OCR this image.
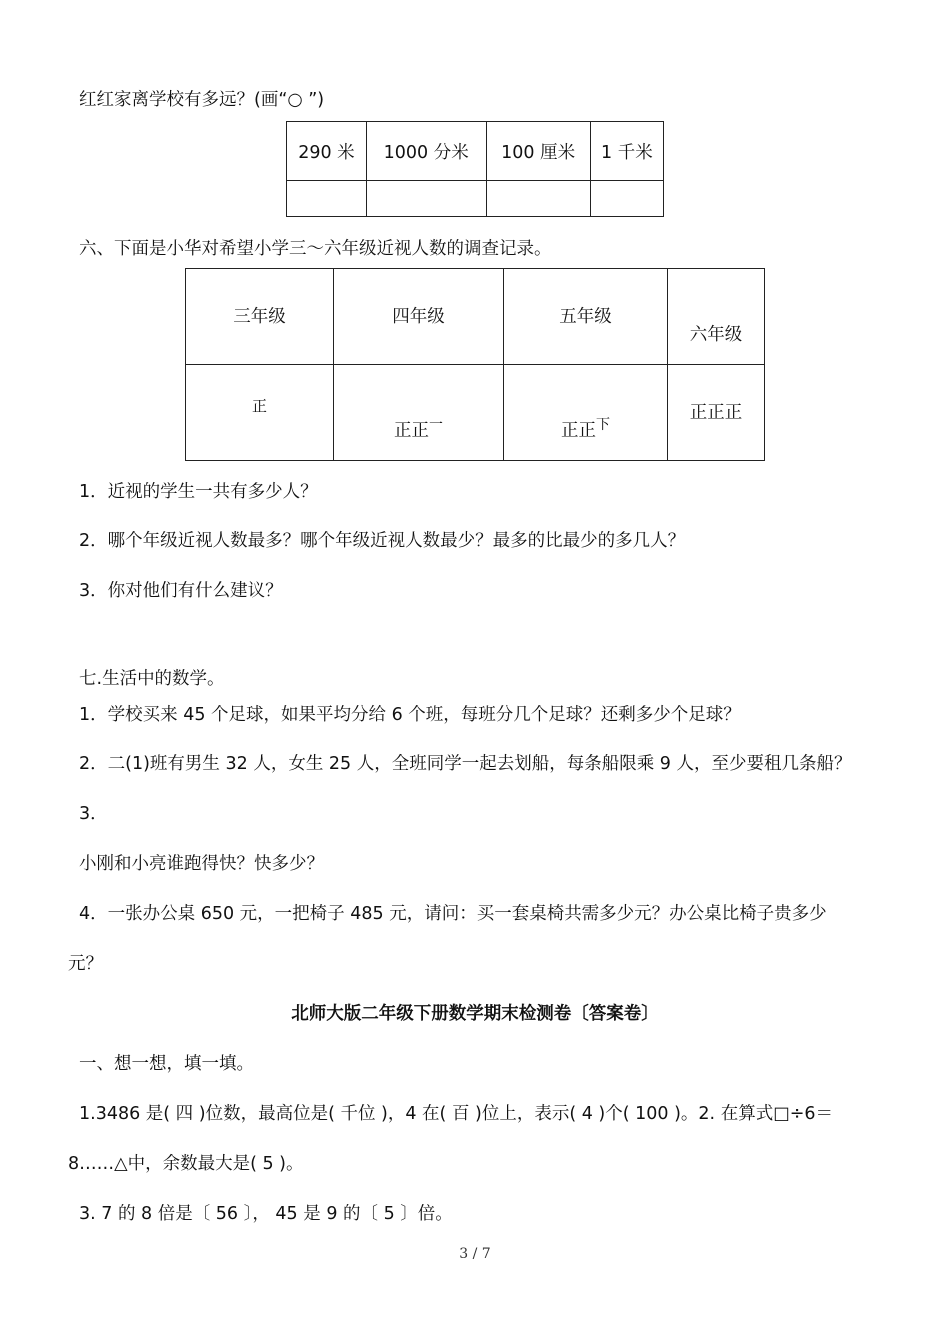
红红家离学校有多远？(画“○ ”)
290 米	1000 分米	100 厘米	1 千米

六、下面是小华对希望小学三～六年级近视人数的调查记录。
三年级	四年级	五年级	六年级

正	正正$^一$	正正$^下$	正正正
1．近视的学生一共有多少人？
2．哪个年级近视人数最多？哪个年级近视人数最少？最多的比最少的多几人？
3．你对他们有什么建议？
七.生活中的数学。
1．学校买来 45 个足球，如果平均分给 6 个班，每班分几个足球？还剩多少个足球？
2．二(1)班有男生 32 人，女生 25 人，全班同学一起去划船，每条船限乘 9 人，至少要租几条船？
3．
小刚和小亮谁跑得快？快多少？
4．一张办公桌 650 元，一把椅子 485 元，请问：买一套桌椅共需多少元？办公桌比椅子贵多少
元？
北师大版二年级下册数学期末检测卷〔答案卷〕
一、想一想，填一填。
1.3486 是( 四 )位数，最高位是( 千位 )，4 在( 百 )位上，表示( 4 )个( 100 )。2. 在算式□÷6＝
8……△中，余数最大是( 5 )。
3. 7 的 8 倍是〔 56 〕， 45 是 9 的〔 5 〕倍。
3 / 7
